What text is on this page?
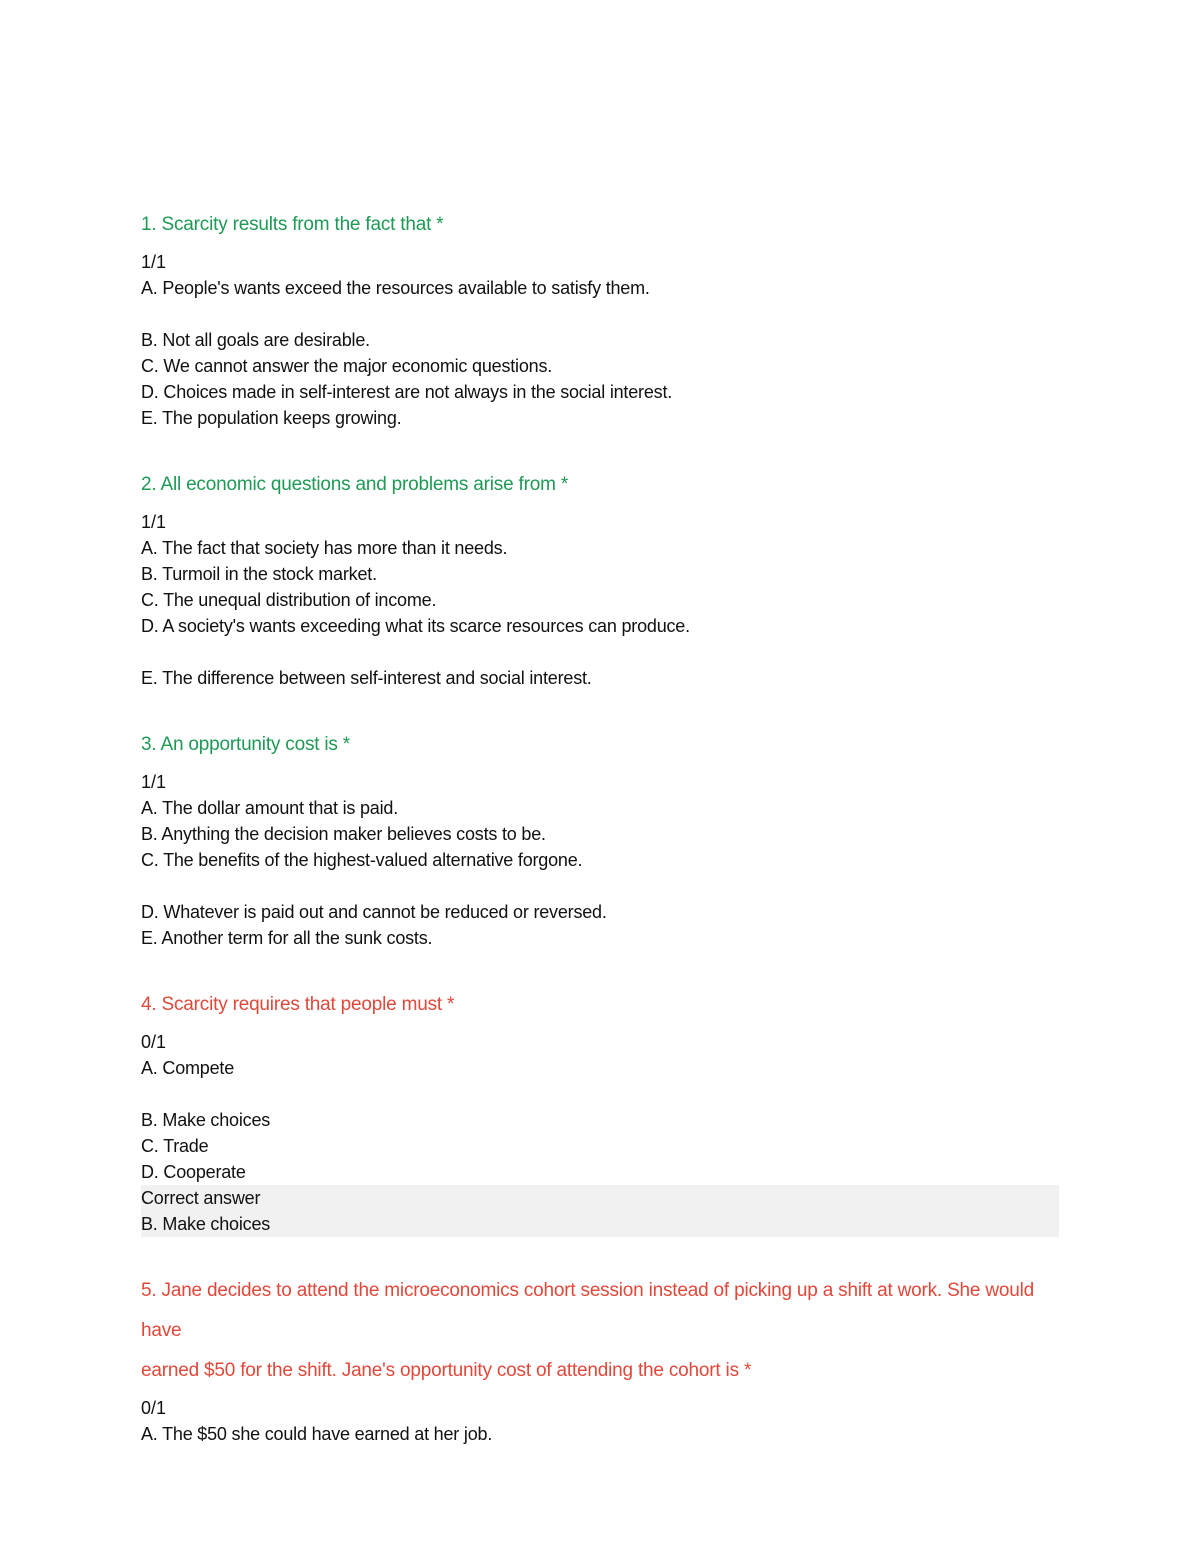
1. Scarcity results from the fact that *

1/1
A. People's wants exceed the resources available to satisfy them.
B. Not all goals are desirable.
C. We cannot answer the major economic questions.
D. Choices made in self-interest are not always in the social interest.
E. The population keeps growing.

2. All economic questions and problems arise from *

1/1
A. The fact that society has more than it needs.
B. Turmoil in the stock market.
C. The unequal distribution of income.
D. A society's wants exceeding what its scarce resources can produce.
E. The difference between self-interest and social interest.

3. An opportunity cost is *

1/1
A. The dollar amount that is paid.
B. Anything the decision maker believes costs to be.
C. The benefits of the highest-valued alternative forgone.
D. Whatever is paid out and cannot be reduced or reversed.
E. Another term for all the sunk costs.

4. Scarcity requires that people must *

0/1
A. Compete
B. Make choices
C. Trade
D. Cooperate
Correct answer
B. Make choices

5. Jane decides to attend the microeconomics cohort session instead of picking up a shift at work. She would have

earned $50 for the shift. Jane's opportunity cost of attending the cohort is *

0/1
A. The $50 she could have earned at her job.
